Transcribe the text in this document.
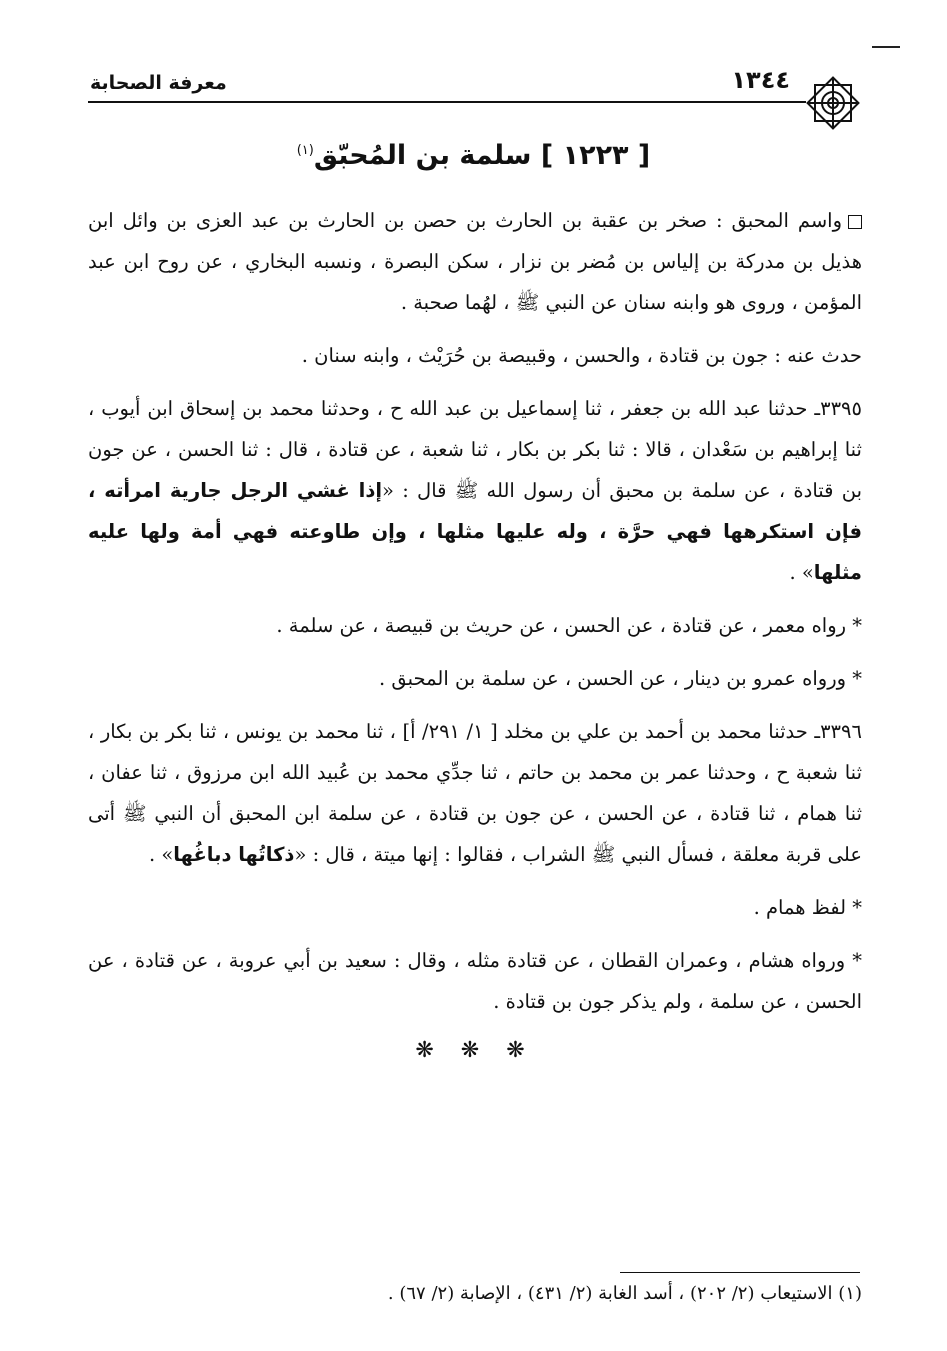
معرفة الصحابة	١٣٤٤
[ ١٢٢٣ ] سلمة بن المُحبّق$^{(١)}$

واسم المحبق : صخر بن عقبة بن الحارث بن حصن بن الحارث بن عبد العزى بن وائل ابن هذيل بن مدركة بن إلياس بن مُضر بن نزار ، سكن البصرة ، ونسبه البخاري ، عن روح ابن عبد المؤمن ، وروى هو وابنه سنان عن النبي ﷺ ، لهُما صحبة .

حدث عنه : جون بن قتادة ، والحسن ، وقبيصة بن حُرَيْث ، وابنه سنان .

٣٣٩٥ـ حدثنا عبد الله بن جعفر ، ثنا إسماعيل بن عبد الله ح ، وحدثنا محمد بن إسحاق ابن أيوب ، ثنا إبراهيم بن سَعْدان ، قالا : ثنا بكر بن بكار ، ثنا شعبة ، عن قتادة ، قال : ثنا الحسن ، عن جون بن قتادة ، عن سلمة بن محبق أن رسول الله ﷺ قال : «إذا غشي الرجل جارية امرأته ، فإن استكرهها فهي حرَّة ، وله عليها مثلها ، وإن طاوعته فهي أمة ولها عليه مثلها» .

* رواه معمر ، عن قتادة ، عن الحسن ، عن حريث بن قبيصة ، عن سلمة .

* ورواه عمرو بن دينار ، عن الحسن ، عن سلمة بن المحبق .

٣٣٩٦ـ حدثنا محمد بن أحمد بن علي بن مخلد [ ١/ ٢٩١/ أ] ، ثنا محمد بن يونس ، ثنا بكر بن بكار ، ثنا شعبة ح ، وحدثنا عمر بن محمد بن حاتم ، ثنا جدِّي محمد بن عُبيد الله ابن مرزوق ، ثنا عفان ، ثنا همام ، ثنا قتادة ، عن الحسن ، عن جون بن قتادة ، عن سلمة ابن المحبق أن النبي ﷺ أتى على قربة معلقة ، فسأل النبي ﷺ الشراب ، فقالوا : إنها ميتة ، قال : «ذكاتُها دباغُها» .

* لفظ همام .

* ورواه هشام ، وعمران القطان ، عن قتادة مثله ، وقال : سعيد بن أبي عروبة ، عن قتادة ، عن الحسن ، عن سلمة ، ولم يذكر جون بن قتادة .

❋ ❋ ❋
(١) الاستيعاب (٢/ ٢٠٢) ، أسد الغابة (٢/ ٤٣١) ، الإصابة (٢/ ٦٧) .
